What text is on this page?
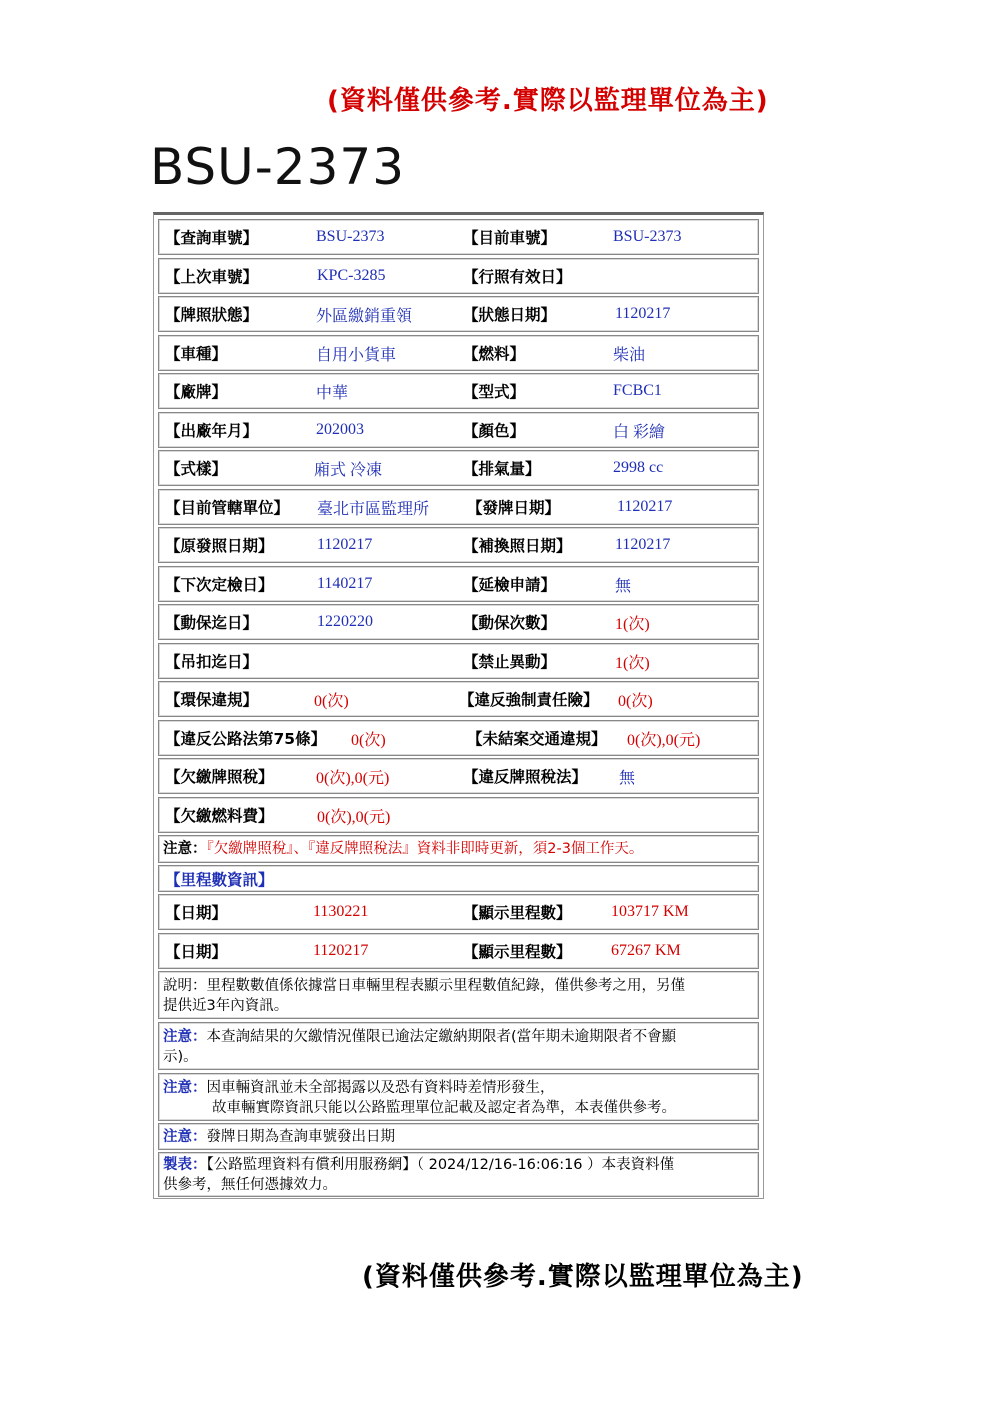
(資料僅供參考.實際以監理單位為主)
BSU-2373
【查詢車號】	BSU-2373	【目前車號】	BSU-2373
【上次車號】	KPC-3285	【行照有效日】
【牌照狀態】	外區繳銷重領	【狀態日期】	1120217
【車種】	自用小貨車	【燃料】	柴油
【廠牌】	中華	【型式】	FCBC1
【出廠年月】	202003	【顏色】	白 彩繪
【式樣】	廂式 冷凍	【排氣量】	2998 cc
【目前管轄單位】 臺北市區監理所 【發牌日期】	1120217
【原發照日期】	1120217	【補換照日期】	1120217
【下次定檢日】	1140217	【延檢申請】	無
【動保迄日】	1220220	【動保次數】	1(次)
【吊扣迄日】	【禁止異動】	1(次)
【環保違規】	0(次)	【違反強制責任險】 0(次)
【違反公路法第75條】 0(次)	【未結案交通違規】 0(次),0(元)
【欠繳牌照稅】	0(次),0(元)	【違反牌照稅法】 無
【欠繳燃料費】	0(次),0(元)
注意：『欠繳牌照稅』、『違反牌照稅法』資料非即時更新，須2-3個工作天。
【里程數資訊】
【日期】	1130221	【顯示里程數】 103717 KM
【日期】	1120217	【顯示里程數】 67267 KM
說明：里程數數值係依據當日車輛里程表顯示里程數值紀錄，僅供參考之用，另僅
提供近3年內資訊。
注意：本查詢結果的欠繳情況僅限已逾法定繳納期限者(當年期未逾期限者不會顯
示)。
注意：因車輛資訊並未全部揭露以及恐有資料時差情形發生，
故車輛實際資訊只能以公路監理單位記載及認定者為準，本表僅供參考。
注意：發牌日期為查詢車號發出日期
製表：【公路監理資料有償利用服務網】（ 2024/12/16-16:06:16 ）本表資料僅
供參考，無任何憑據效力。
(資料僅供參考.實際以監理單位為主)
